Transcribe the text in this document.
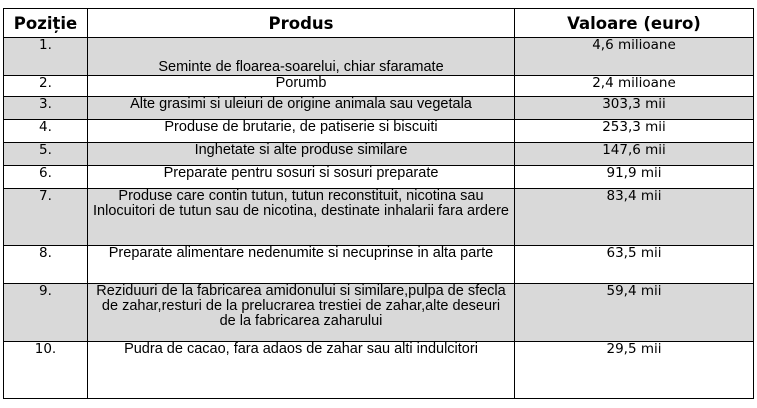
Poziție	Produs	Valoare (euro)
1.	Seminte de floarea-soarelui, chiar sfaramate	4,6 milioane
2.	Porumb	2,4 milioane
3.	Alte grasimi si uleiuri de origine animala sau vegetala	303,3 mii
4.	Produse de brutarie, de patiserie si biscuiti	253,3 mii
5.	Inghetate si alte produse similare	147,6 mii
6.	Preparate pentru sosuri si sosuri preparate	91,9 mii
7.	Produse care contin tutun, tutun reconstituit, nicotina sau Inlocuitori de tutun sau de nicotina, destinate inhalarii fara ardere	83,4 mii
8.	Preparate alimentare nedenumite si necuprinse in alta parte	63,5 mii
9.	Reziduuri de la fabricarea amidonului si similare,pulpa de sfecla de zahar,resturi de la prelucrarea trestiei de zahar,alte deseuri de la fabricarea zaharului	59,4 mii
10.	Pudra de cacao, fara adaos de zahar sau alti indulcitori	29,5 mii
